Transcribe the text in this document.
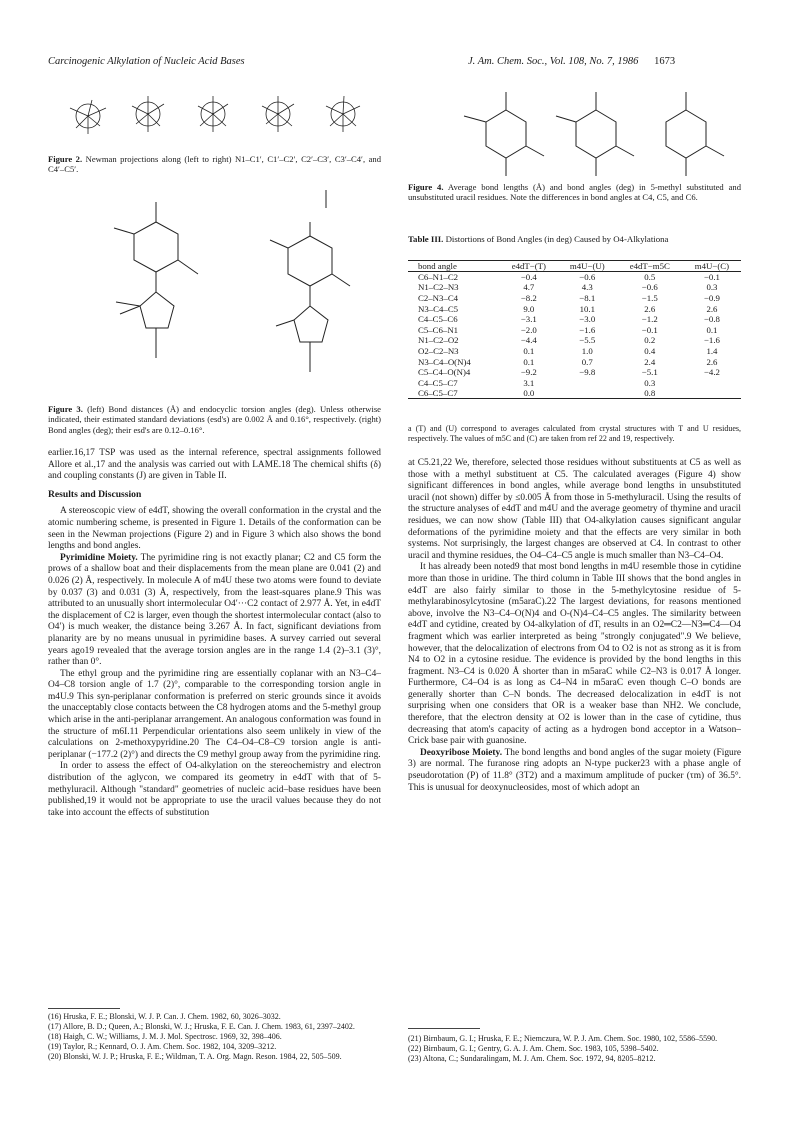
Carcinogenic Alkylation of Nucleic Acid Bases	J. Am. Chem. Soc., Vol. 108, No. 7, 1986 1673
Figure 2. Newman projections along (left to right) N1–C1′, C1′–C2′, C2′–C3′, C3′–C4′, and C4′–C5′.
Figure 3. (left) Bond distances (Å) and endocyclic torsion angles (deg). Unless otherwise indicated, their estimated standard deviations (esd's) are 0.002 Å and 0.16°, respectively. (right) Bond angles (deg); their esd's are 0.12–0.16°.

earlier.16,17 TSP was used as the internal reference, spectral assignments followed Allore et al.,17 and the analysis was carried out with LAME.18 The chemical shifts (δ) and coupling constants (J) are given in Table II.

Results and Discussion

A stereoscopic view of e4dT, showing the overall conformation in the crystal and the atomic numbering scheme, is presented in Figure 1. Details of the conformation can be seen in the Newman projections (Figure 2) and in Figure 3 which also shows the bond lengths and bond angles.

Pyrimidine Moiety. The pyrimidine ring is not exactly planar; C2 and C5 form the prows of a shallow boat and their displacements from the mean plane are 0.041 (2) and 0.026 (2) Å, respectively. In molecule A of m4U these two atoms were found to deviate by 0.037 (3) and 0.031 (3) Å, respectively, from the least-squares plane.9 This was attributed to an unusually short intermolecular O4′···C2 contact of 2.977 Å. Yet, in e4dT the displacement of C2 is larger, even though the shortest intermolecular contact (also to O4′) is much weaker, the distance being 3.267 Å. In fact, significant deviations from planarity are by no means unusual in pyrimidine bases. A survey carried out several years ago19 revealed that the average torsion angles are in the range 1.4 (2)–3.1 (3)°, rather than 0°.

The ethyl group and the pyrimidine ring are essentially coplanar with an N3–C4–O4–C8 torsion angle of 1.7 (2)°, comparable to the corresponding torsion angle in m4U.9 This syn-periplanar conformation is preferred on steric grounds since it avoids the unacceptably close contacts between the C8 hydrogen atoms and the 5-methyl group which arise in the anti-periplanar arrangement. An analogous conformation was found in the structure of m6I.11 Perpendicular orientations also seem unlikely in view of the calculations on 2-methoxypyridine.20 The C4–O4–C8–C9 torsion angle is anti-periplanar (−177.2 (2)°) and directs the C9 methyl group away from the pyrimidine ring.

In order to assess the effect of O4-alkylation on the stereochemistry and electron distribution of the aglycon, we compared its geometry in e4dT with that of 5-methyluracil. Although "standard" geometries of nucleic acid–base residues have been published,19 it would not be appropriate to use the uracil values because they do not take into account the effects of substitution

(16) Hruska, F. E.; Blonski, W. J. P. Can. J. Chem. 1982, 60, 3026–3032.
(17) Allore, B. D.; Queen, A.; Blonski, W. J.; Hruska, F. E. Can. J. Chem. 1983, 61, 2397–2402.
(18) Haigh, C. W.; Williams, J. M. J. Mol. Spectrosc. 1969, 32, 398–406.
(19) Taylor, R.; Kennard, O. J. Am. Chem. Soc. 1982, 104, 3209–3212.
(20) Blonski, W. J. P.; Hruska, F. E.; Wildman, T. A. Org. Magn. Reson. 1984, 22, 505–509.
Figure 4. Average bond lengths (Å) and bond angles (deg) in 5-methyl substituted and unsubstituted uracil residues. Note the differences in bond angles at C4, C5, and C6.
Table III. Distortions of Bond Angles (in deg) Caused by O4-Alkylationa
bond angle	e4dT−(T)	m4U−(U)	e4dT−m5C	m4U−(C)
C6–N1–C2	−0.4	−0.6	0.5	−0.1
N1–C2–N3	4.7	4.3	−0.6	0.3
C2–N3–C4	−8.2	−8.1	−1.5	−0.9
N3–C4–C5	9.0	10.1	2.6	2.6
C4–C5–C6	−3.1	−3.0	−1.2	−0.8
C5–C6–N1	−2.0	−1.6	−0.1	0.1
N1–C2–O2	−4.4	−5.5	0.2	−1.6
O2–C2–N3	0.1	1.0	0.4	1.4
N3–C4–O(N)4	0.1	0.7	2.4	2.6
C5–C4–O(N)4	−9.2	−9.8	−5.1	−4.2
C4–C5–C7	3.1		0.3	
C6–C5–C7	0.0		0.8	
a (T) and (U) correspond to averages calculated from crystal structures with T and U residues, respectively. The values of m5C and (C) are taken from ref 22 and 19, respectively.

at C5.21,22 We, therefore, selected those residues without substituents at C5 as well as those with a methyl substituent at C5. The calculated averages (Figure 4) show significant differences in bond angles, while average bond lengths in unsubstituted uracil (not shown) differ by ≤0.005 Å from those in 5-methyluracil. Using the results of the structure analyses of e4dT and m4U and the average geometry of thymine and uracil residues, we can now show (Table III) that O4-alkylation causes significant angular deformations of the pyrimidine moiety and that the effects are very similar in both systems. Not surprisingly, the largest changes are observed at C4. In contrast to other uracil and thymine residues, the O4–C4–C5 angle is much smaller than N3–C4–O4.

It has already been noted9 that most bond lengths in m4U resemble those in cytidine more than those in uridine. The third column in Table III shows that the bond angles in e4dT are also fairly similar to those in the 5-methylcytosine residue of 5-methylarabinosylcytosine (m5araC).22 The largest deviations, for reasons mentioned above, involve the N3–C4–O(N)4 and O-(N)4–C4–C5 angles. The similarity between e4dT and cytidine, created by O4-alkylation of dT, results in an O2═C2—N3═C4—O4 fragment which was earlier interpreted as being "strongly conjugated".9 We believe, however, that the delocalization of electrons from O4 to O2 is not as strong as it is from N4 to O2 in a cytosine residue. The evidence is provided by the bond lengths in this fragment. N3–C4 is 0.020 Å shorter than in m5araC while C2–N3 is 0.017 Å longer. Furthermore, C4–O4 is as long as C4–N4 in m5araC even though C–O bonds are generally shorter than C–N bonds. The decreased delocalization in e4dT is not surprising when one considers that OR is a weaker base than NH2. We conclude, therefore, that the electron density at O2 is lower than in the case of cytidine, thus decreasing that atom's capacity of acting as a hydrogen bond acceptor in a Watson–Crick base pair with guanosine.

Deoxyribose Moiety. The bond lengths and bond angles of the sugar moiety (Figure 3) are normal. The furanose ring adopts an N-type pucker23 with a phase angle of pseudorotation (P) of 11.8° (3T2) and a maximum amplitude of pucker (τm) of 36.5°. This is unusual for deoxynucleosides, most of which adopt an

(21) Birnbaum, G. I.; Hruska, F. E.; Niemczura, W. P. J. Am. Chem. Soc. 1980, 102, 5586–5590.
(22) Birnbaum, G. I.; Gentry, G. A. J. Am. Chem. Soc. 1983, 105, 5398–5402.
(23) Altona, C.; Sundaralingam, M. J. Am. Chem. Soc. 1972, 94, 8205–8212.
